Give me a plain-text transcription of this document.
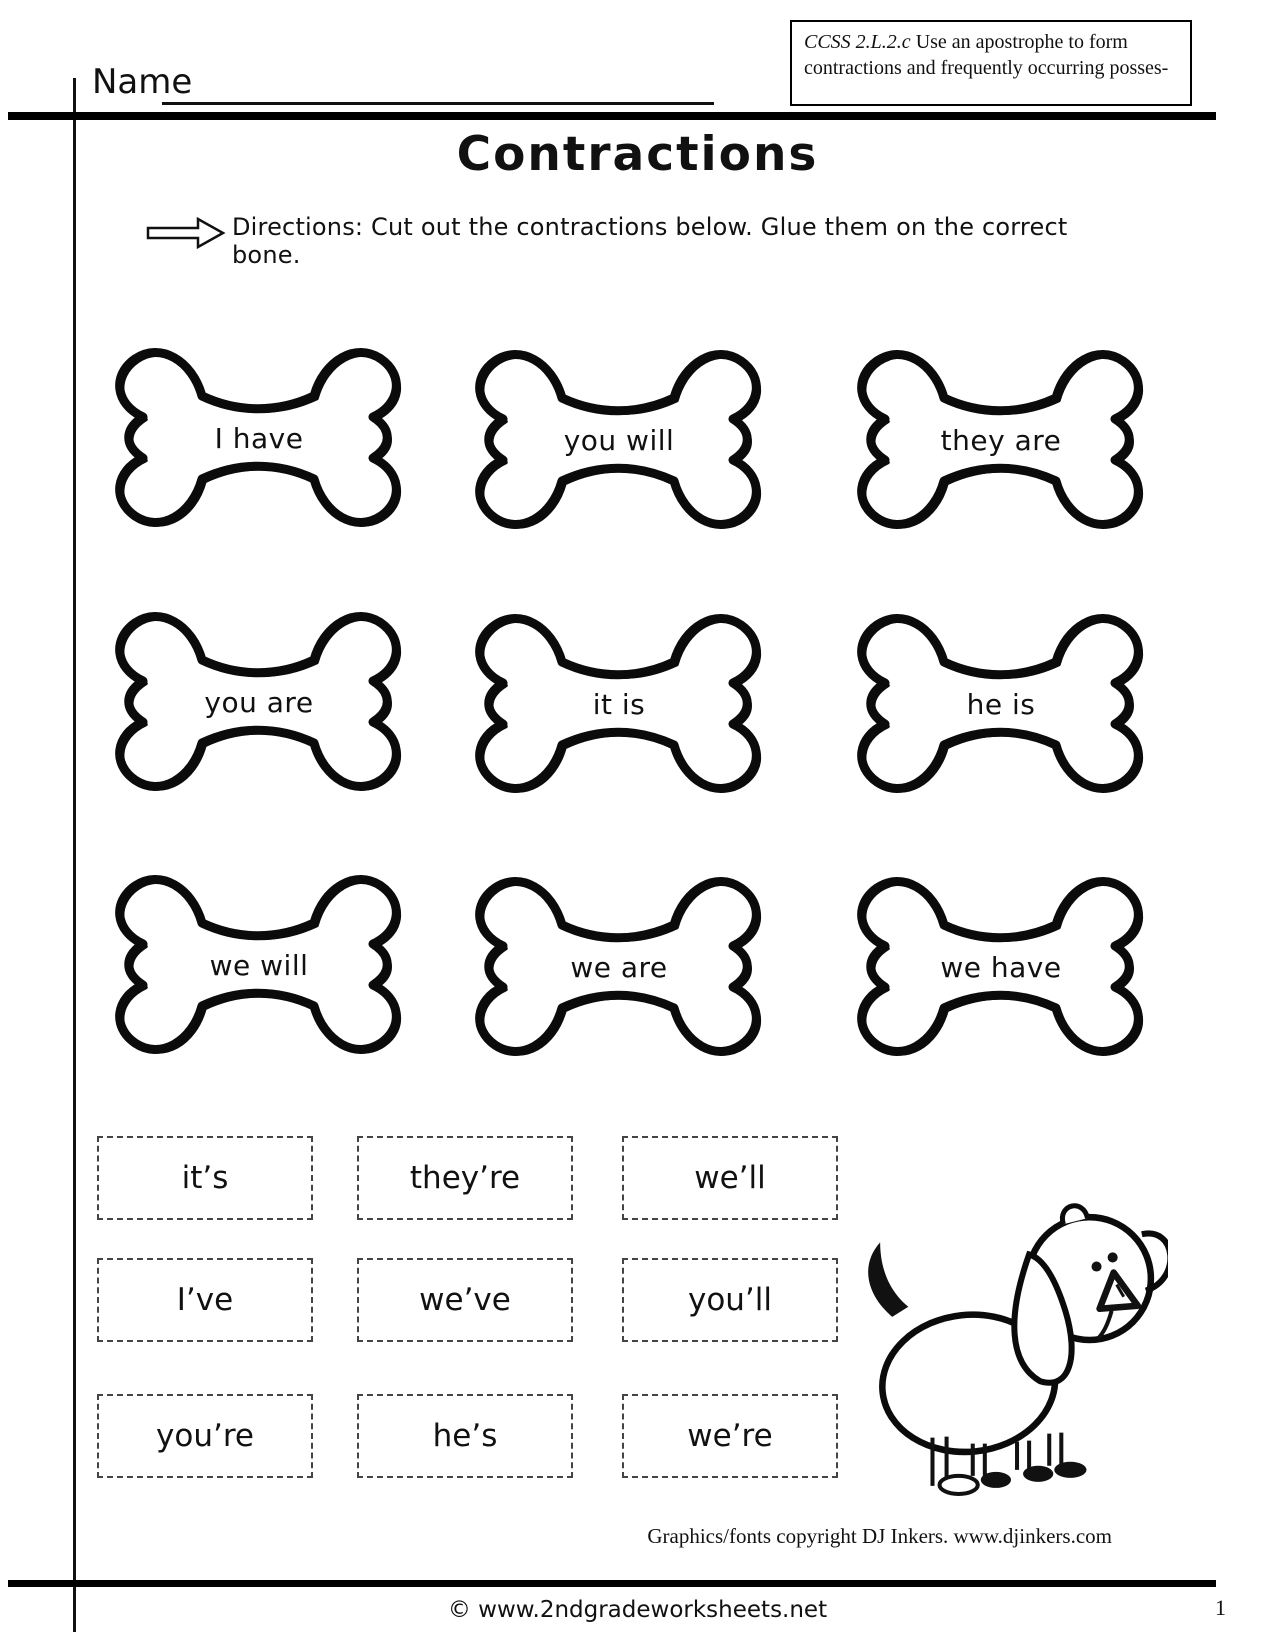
Name
CCSS 2.L.2.c Use an apostrophe to form contractions and frequently occurring posses-
Contractions
Directions: Cut out the contractions below. Glue them on the correct bone.
I have	you will	they are
you are	it is	he is
we will	we are	we have
it’s	they’re	we’ll
I’ve	we’ve	you’ll
you’re	he’s	we’re
Graphics/fonts copyright DJ Inkers. www.djinkers.com
© www.2ndgradeworksheets.net	1
